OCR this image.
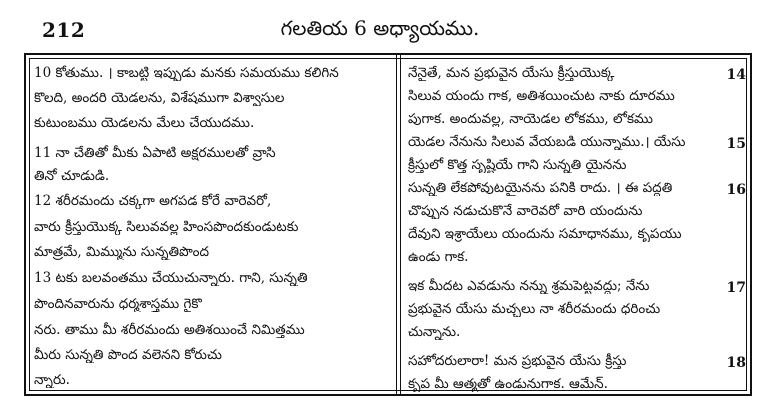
212	గలతియ 6 అధ్యాయము.
10 కోతుము. । కాబట్టి ఇప్పుడు మనకు సమయము కలిగిన
కొలది, అందరి యెడలను, విశేషముగా విశ్వాసుల
కుటుంబము యెడలను మేలు చేయుదము.
11 నా చేతితో మీకు ఏపాటి అక్షరములతో వ్రాసి
తినో చూడుడి.
12 శరీరమందు చక్కగా అగపడ కోరే వారెవరో,
వారు క్రీస్తుయొక్క సిలువవల్ల హింసపొందకుండుటకు
మాత్రమే, మిమ్మును సున్నతిపొంద
13 టకు బలవంతము చేయుచున్నారు. గాని, సున్నతి
పొందినవారును ధర్మశాస్త్రము గైకొ
నరు. తాము మీ శరీరమందు అతిశయించే నిమిత్తము
మీరు సున్నతి పొంద వలెనని కోరుచు
న్నారు.
నేనైతే, మన ప్రభువైన యేసు క్రీస్తుయొక్క
సిలువ యందు గాక, అతిశయించుట నాకు దూరము
పుగాక. అందువల్ల, నాయెడల లోకము, లోకము
యెడల నేనును సిలువ వేయబడి యున్నాము.। యేసు
క్రీస్తులో కొత్త సృష్టియే గాని సున్నతి యైనను
సున్నతి లేకపోవుటయైనను పనికి రాదు. । ఈ పద్ధతి
చొప్పున నడుచుకొనే వారెవరో వారి యందును
దేవుని ఇశ్రాయేలు యందును సమాధానము, కృపయు
ఉండు గాక.
ఇక మీదట ఎవడును నన్ను శ్రమపెట్టవద్దు; నేను
ప్రభువైన యేసు మచ్చలు నా శరీరమందు ధరించు
చున్నాను.
సహోదరులారా! మన ప్రభువైన యేసు క్రీస్తు
కృప మీ ఆత్మతో ఉండునుగాక. ఆమేన్.
14
15
16
17
18
